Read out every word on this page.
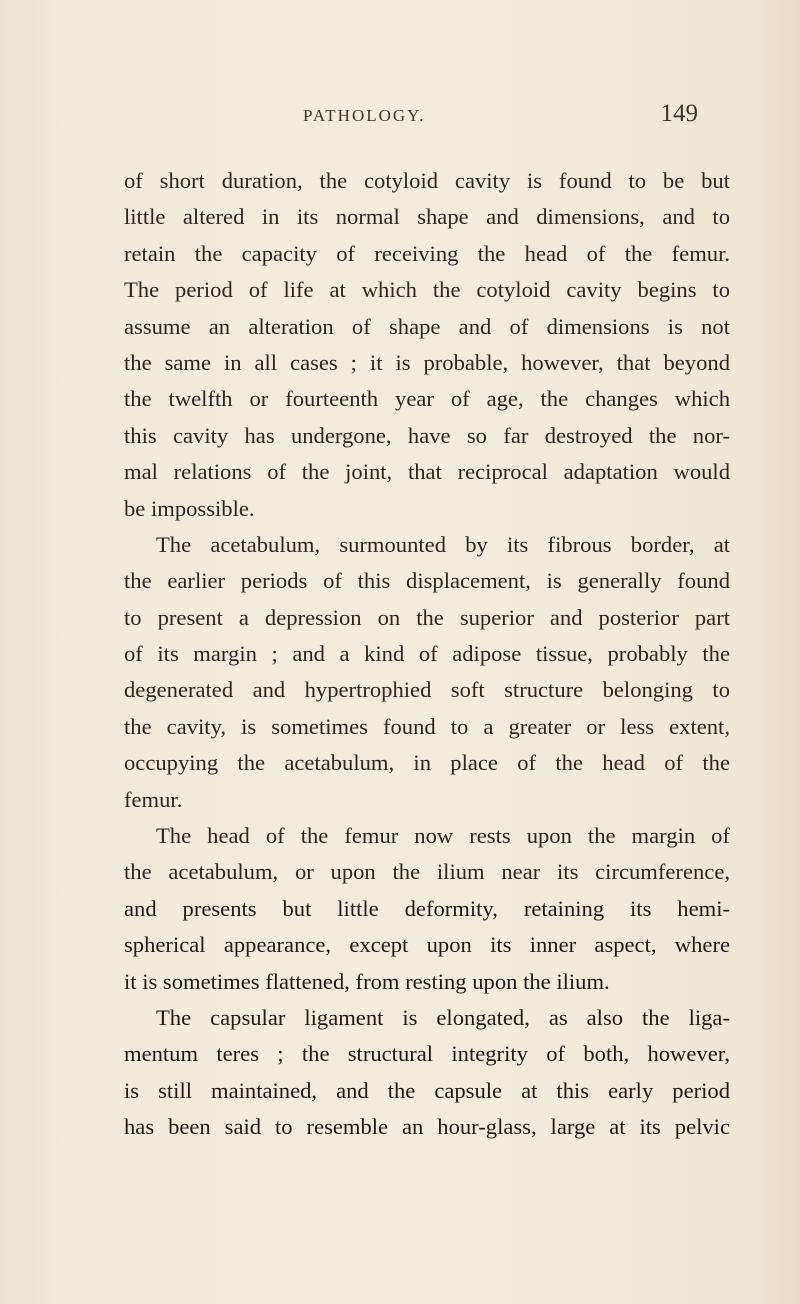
PATHOLOGY.	149
of short duration, the cotyloid cavity is found to be but
little altered in its normal shape and dimensions, and to
retain the capacity of receiving the head of the femur.
The period of life at which the cotyloid cavity begins to
assume an alteration of shape and of dimensions is not
the same in all cases ; it is probable, however, that beyond
the twelfth or fourteenth year of age, the changes which
this cavity has undergone, have so far destroyed the nor-
mal relations of the joint, that reciprocal adaptation would
be impossible.
The acetabulum, surmounted by its fibrous border, at
the earlier periods of this displacement, is generally found
to present a depression on the superior and posterior part
of its margin ; and a kind of adipose tissue, probably the
degenerated and hypertrophied soft structure belonging to
the cavity, is sometimes found to a greater or less extent,
occupying the acetabulum, in place of the head of the
femur.
The head of the femur now rests upon the margin of
the acetabulum, or upon the ilium near its circumference,
and presents but little deformity, retaining its hemi-
spherical appearance, except upon its inner aspect, where
it is sometimes flattened, from resting upon the ilium.
The capsular ligament is elongated, as also the liga-
mentum teres ; the structural integrity of both, however,
is still maintained, and the capsule at this early period
has been said to resemble an hour-glass, large at its pelvic
